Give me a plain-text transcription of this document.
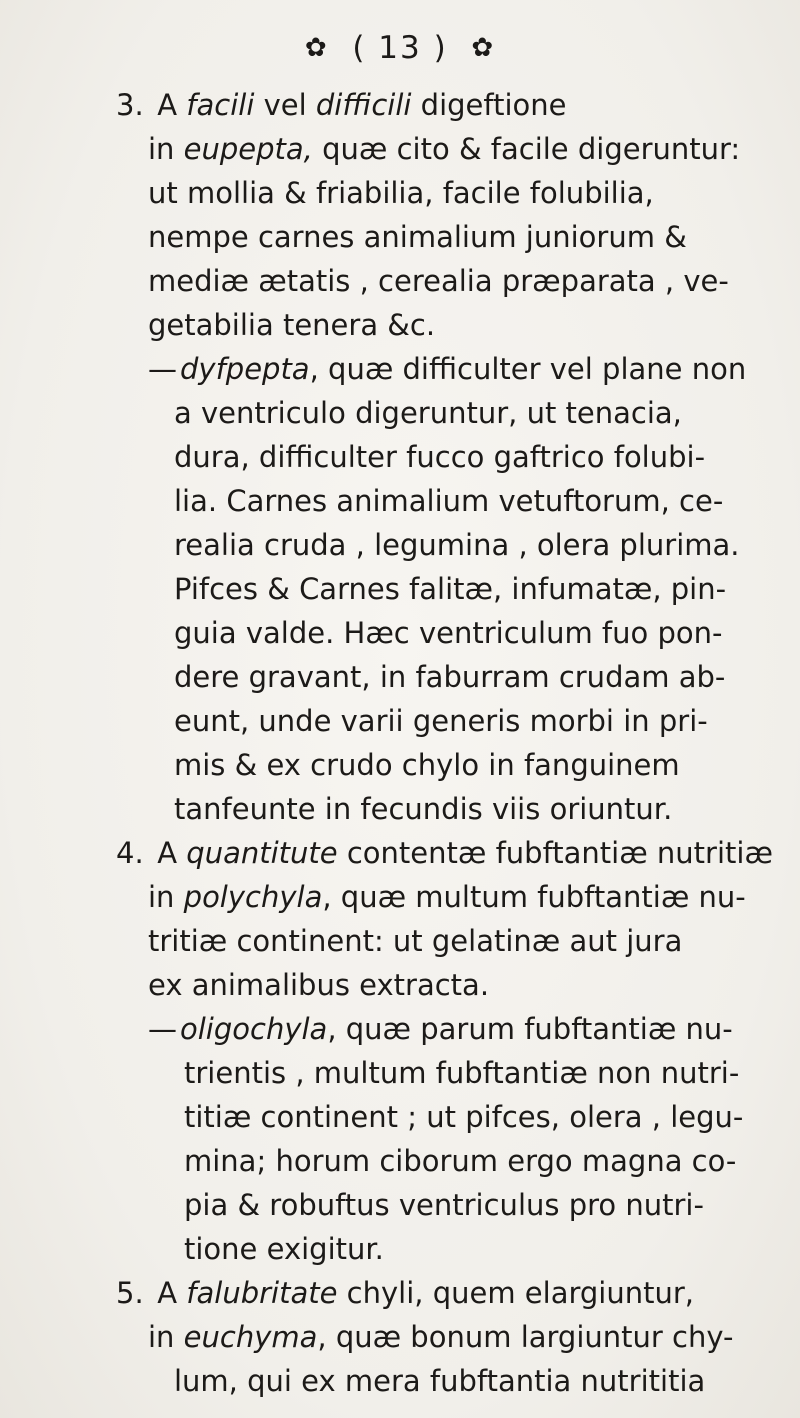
✿ ( 13 ) ✿
3. A facili vel difficili digeftione
in eupepta, quæ cito & facile digeruntur:
ut mollia & friabilia, facile folubilia,
nempe carnes animalium juniorum &
mediæ ætatis , cerealia præparata , ve-
getabilia tenera &c.
— dyfpepta, quæ difficulter vel plane non
a ventriculo digeruntur, ut tenacia,
dura, difficulter fucco gaftrico folubi-
lia. Carnes animalium vetuftorum, ce-
realia cruda , legumina , olera plurima.
Pifces & Carnes falitæ, infumatæ, pin-
guia valde. Hæc ventriculum fuo pon-
dere gravant, in faburram crudam ab-
eunt, unde varii generis morbi in pri-
mis & ex crudo chylo in fanguinem
tanfeunte in fecundis viis oriuntur.
4. A quantitute contentæ fubftantiæ nutritiæ
in polychyla, quæ multum fubftantiæ nu-
tritiæ continent: ut gelatinæ aut jura
ex animalibus extracta.
— oligochyla, quæ parum fubftantiæ nu-
trientis , multum fubftantiæ non nutri-
titiæ continent ; ut pifces, olera , legu-
mina; horum ciborum ergo magna co-
pia & robuftus ventriculus pro nutri-
tione exigitur.
5. A falubritate chyli, quem elargiuntur,
in euchyma, quæ bonum largiuntur chy-
lum, qui ex mera fubftantia nutrititia
